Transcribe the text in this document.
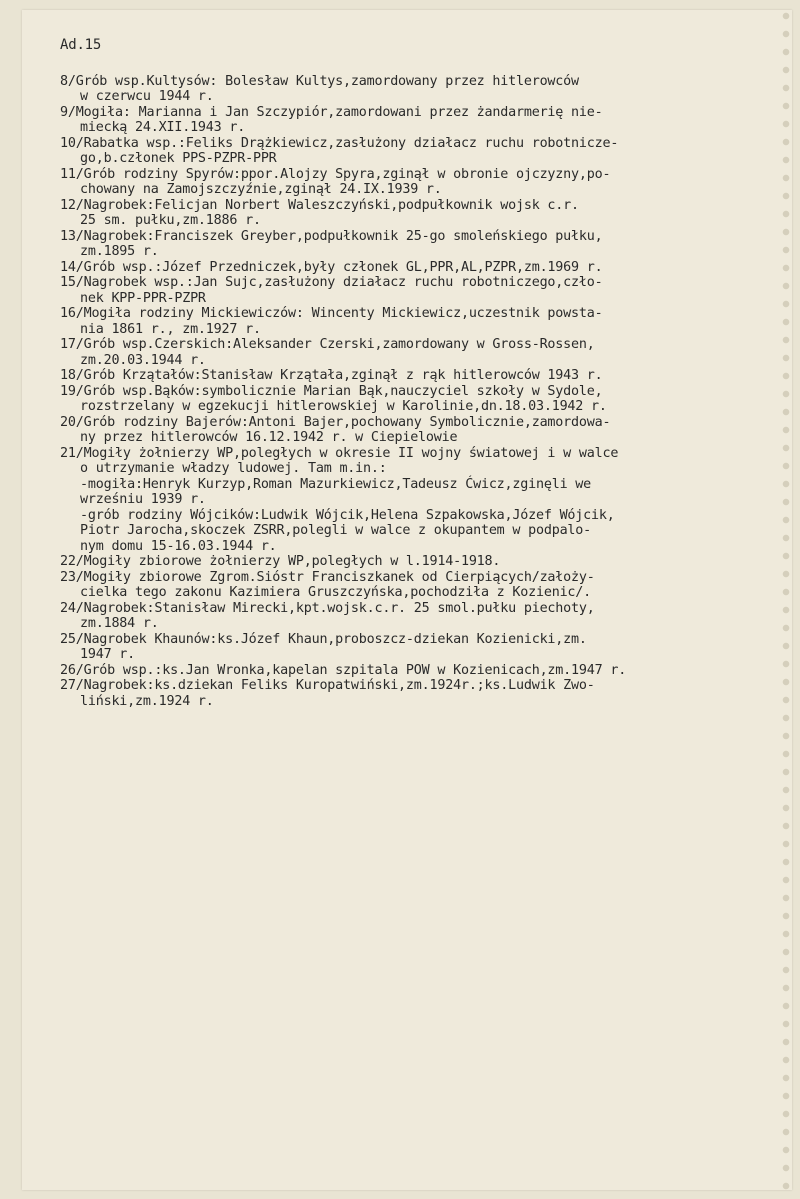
Ad.15
8/Grób wsp.Kultysów: Bolesław Kultys,zamordowany przez hitlerowców
w czerwcu 1944 r.
9/Mogiła: Marianna i Jan Szczypiór,zamordowani przez żandarmerię nie-
miecką 24.XII.1943 r.
10/Rabatka wsp.:Feliks Drążkiewicz,zasłużony działacz ruchu robotnicze-
go,b.członek PPS-PZPR-PPR
11/Grób rodziny Spyrów:ppor.Alojzy Spyra,zginął w obronie ojczyzny,po-
chowany na Zamojszczyźnie,zginął 24.IX.1939 r.
12/Nagrobek:Felicjan Norbert Waleszczyński,podpułkownik wojsk c.r.
25 sm. pułku,zm.1886 r.
13/Nagrobek:Franciszek Greyber,podpułkownik 25-go smoleńskiego pułku,
zm.1895 r.
14/Grób wsp.:Józef Przedniczek,były członek GL,PPR,AL,PZPR,zm.1969 r.
15/Nagrobek wsp.:Jan Sujc,zasłużony działacz ruchu robotniczego,czło-
nek KPP-PPR-PZPR
16/Mogiła rodziny Mickiewiczów: Wincenty Mickiewicz,uczestnik powsta-
nia 1861 r., zm.1927 r.
17/Grób wsp.Czerskich:Aleksander Czerski,zamordowany w Gross-Rossen,
zm.20.03.1944 r.
18/Grób Krzątałów:Stanisław Krzątała,zginął z rąk hitlerowców 1943 r.
19/Grób wsp.Bąków:symbolicznie Marian Bąk,nauczyciel szkoły w Sydole,
rozstrzelany w egzekucji hitlerowskiej w Karolinie,dn.18.03.1942 r.
20/Grób rodziny Bajerów:Antoni Bajer,pochowany Symbolicznie,zamordowa-
ny przez hitlerowców 16.12.1942 r. w Ciepielowie
21/Mogiły żołnierzy WP,poległych w okresie II wojny światowej i w walce
o utrzymanie władzy ludowej. Tam m.in.:
-mogiła:Henryk Kurzyp,Roman Mazurkiewicz,Tadeusz Ćwicz,zginęli we
wrześniu 1939 r.
-grób rodziny Wójcików:Ludwik Wójcik,Helena Szpakowska,Józef Wójcik,
Piotr Jarocha,skoczek ZSRR,polegli w walce z okupantem w podpalo-
nym domu 15-16.03.1944 r.
22/Mogiły zbiorowe żołnierzy WP,poległych w l.1914-1918.
23/Mogiły zbiorowe Zgrom.Sióstr Franciszkanek od Cierpiących/założy-
cielka tego zakonu Kazimiera Gruszczyńska,pochodziła z Kozienic/.
24/Nagrobek:Stanisław Mirecki,kpt.wojsk.c.r. 25 smol.pułku piechoty,
zm.1884 r.
25/Nagrobek Khaunów:ks.Józef Khaun,proboszcz-dziekan Kozienicki,zm.
1947 r.
26/Grób wsp.:ks.Jan Wronka,kapelan szpitala POW w Kozienicach,zm.1947 r.
27/Nagrobek:ks.dziekan Feliks Kuropatwiński,zm.1924r.;ks.Ludwik Zwo-
liński,zm.1924 r.
